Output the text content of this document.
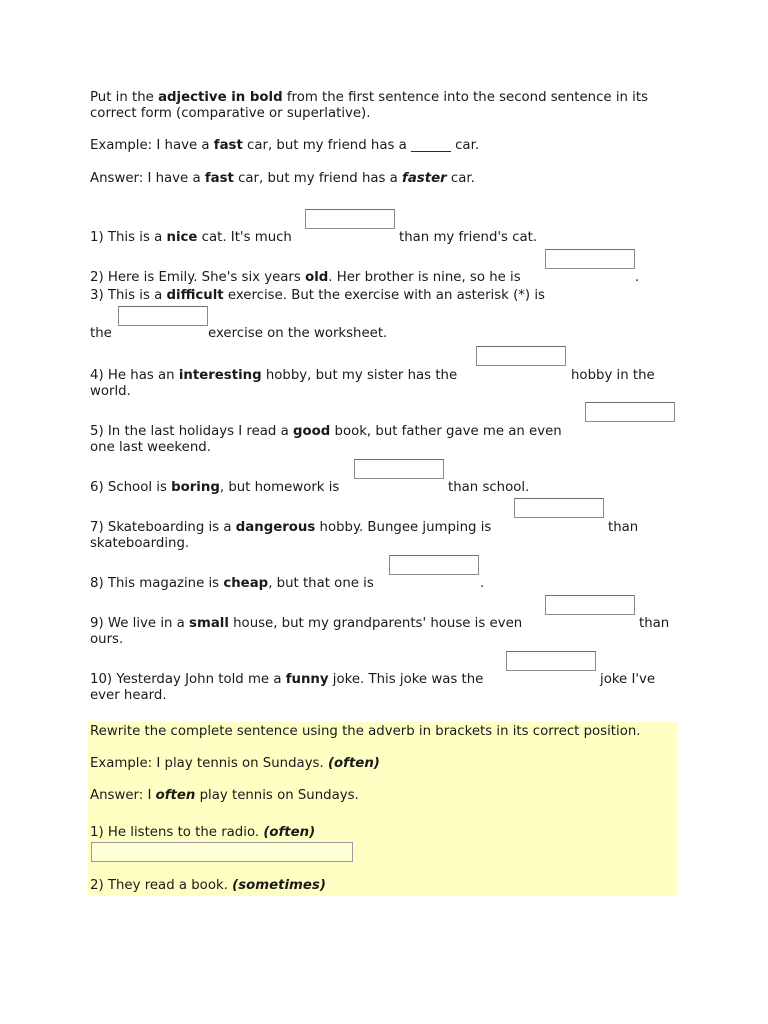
Put in the adjective in bold from the first sentence into the second sentence in its correct form (comparative or superlative).
Example: I have a fast car, but my friend has a ______ car.
Answer: I have a fast car, but my friend has a faster car.
1) This is a nice cat. It's much	than my friend's cat.
2) Here is Emily. She's six years old. Her brother is nine, so he is	.
3) This is a difficult exercise. But the exercise with an asterisk (*) is
the	exercise on the worksheet.
4) He has an interesting hobby, but my sister has the	hobby in the
world.
5) In the last holidays I read a good book, but father gave me an even
one last weekend.
6) School is boring, but homework is	than school.
7) Skateboarding is a dangerous hobby. Bungee jumping is	than
skateboarding.
8) This magazine is cheap, but that one is	.
9) We live in a small house, but my grandparents' house is even	than
ours.
10) Yesterday John told me a funny joke. This joke was the	joke I've
ever heard.
Rewrite the complete sentence using the adverb in brackets in its correct position.
Example: I play tennis on Sundays. (often)
Answer: I often play tennis on Sundays.
1) He listens to the radio. (often)
2) They read a book. (sometimes)
